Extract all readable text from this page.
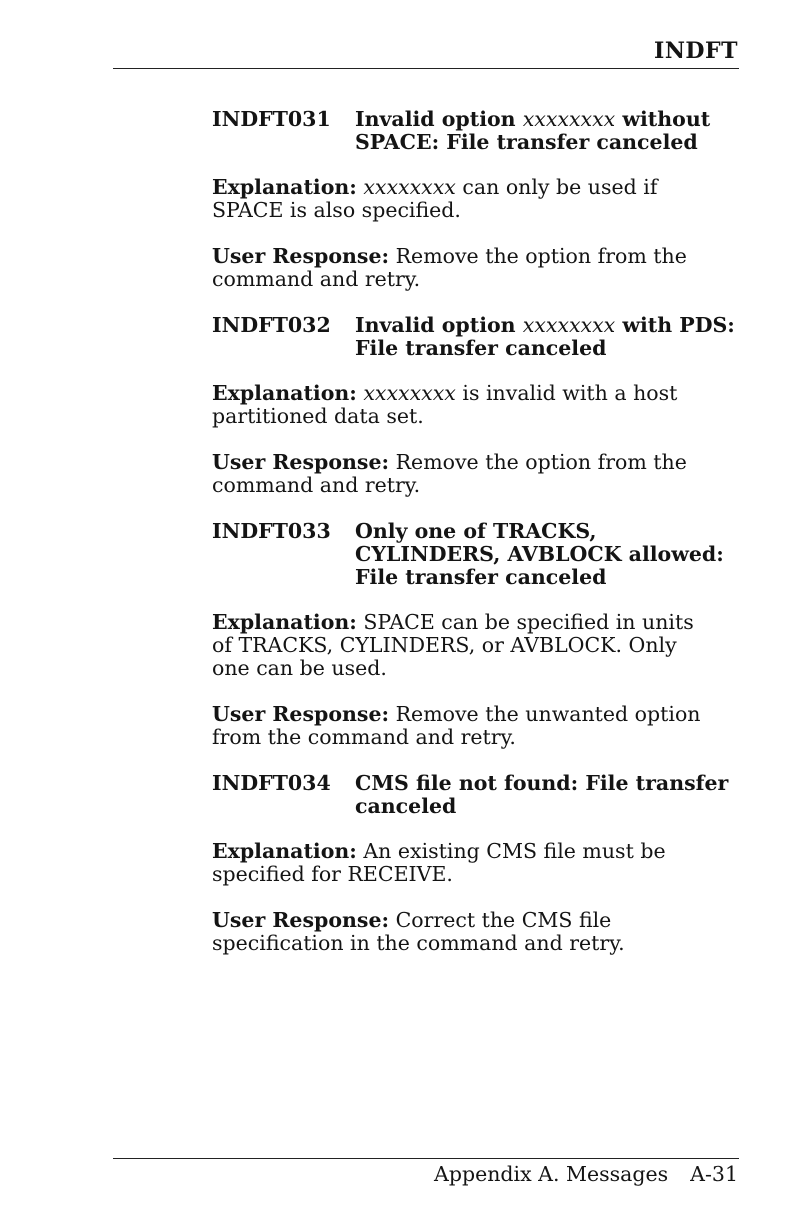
INDFT
INDFT031	Invalid option xxxxxxxx without SPACE: File transfer canceled

Explanation: xxxxxxxx can only be used if SPACE is also specified.

User Response: Remove the option from the command and retry.

INDFT032	Invalid option xxxxxxxx with PDS: File transfer canceled

Explanation: xxxxxxxx is invalid with a host partitioned data set.

User Response: Remove the option from the command and retry.

INDFT033	Only one of TRACKS, CYLINDERS, AVBLOCK allowed: File transfer canceled

Explanation: SPACE can be specified in units of TRACKS, CYLINDERS, or AVBLOCK. Only one can be used.

User Response: Remove the unwanted option from the command and retry.

INDFT034	CMS file not found: File transfer canceled

Explanation: An existing CMS file must be specified for RECEIVE.

User Response: Correct the CMS file specification in the command and retry.

Appendix A. Messages A-31
